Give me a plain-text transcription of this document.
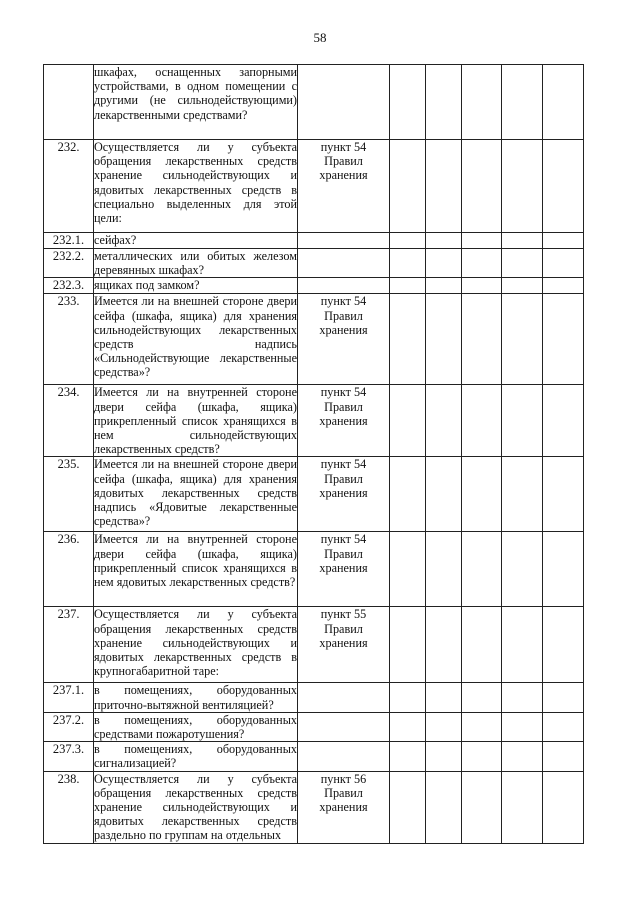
58
	шкафах, оснащенных запорными устройствами, в одном помещении с другими (не сильнодействующими) лекарственными средствами?						
232.	Осуществляется ли у субъекта обращения лекарственных средств хранение сильнодействующих и ядовитых лекарственных средств в специально выделенных для этой цели:	пункт 54
Правил
хранения					
232.1.	сейфах?						
232.2.	металлических или обитых железом деревянных шкафах?						
232.3.	ящиках под замком?						
233.	Имеется ли на внешней стороне двери сейфа (шкафа, ящика) для хранения сильнодействующих лекарственных средств надпись «Сильнодействующие лекарственные средства»?	пункт 54
Правил
хранения					
234.	Имеется ли на внутренней стороне двери сейфа (шкафа, ящика) прикрепленный список хранящихся в нем сильнодействующих лекарственных средств?	пункт 54
Правил
хранения					
235.	Имеется ли на внешней стороне двери сейфа (шкафа, ящика) для хранения ядовитых лекарственных средств надпись «Ядовитые лекарственные средства»?	пункт 54
Правил
хранения					
236.	Имеется ли на внутренней стороне двери сейфа (шкафа, ящика) прикрепленный список хранящихся в нем ядовитых лекарственных средств?	пункт 54
Правил
хранения					
237.	Осуществляется ли у субъекта обращения лекарственных средств хранение сильнодействующих и ядовитых лекарственных средств в крупногабаритной таре:	пункт 55
Правил
хранения					
237.1.	в помещениях, оборудованных приточно-вытяжной вентиляцией?						
237.2.	в помещениях, оборудованных средствами пожаротушения?						
237.3.	в помещениях, оборудованных сигнализацией?						
238.	Осуществляется ли у субъекта обращения лекарственных средств хранение сильнодействующих и ядовитых лекарственных средств раздельно по группам на отдельных	пункт 56
Правил
хранения					
